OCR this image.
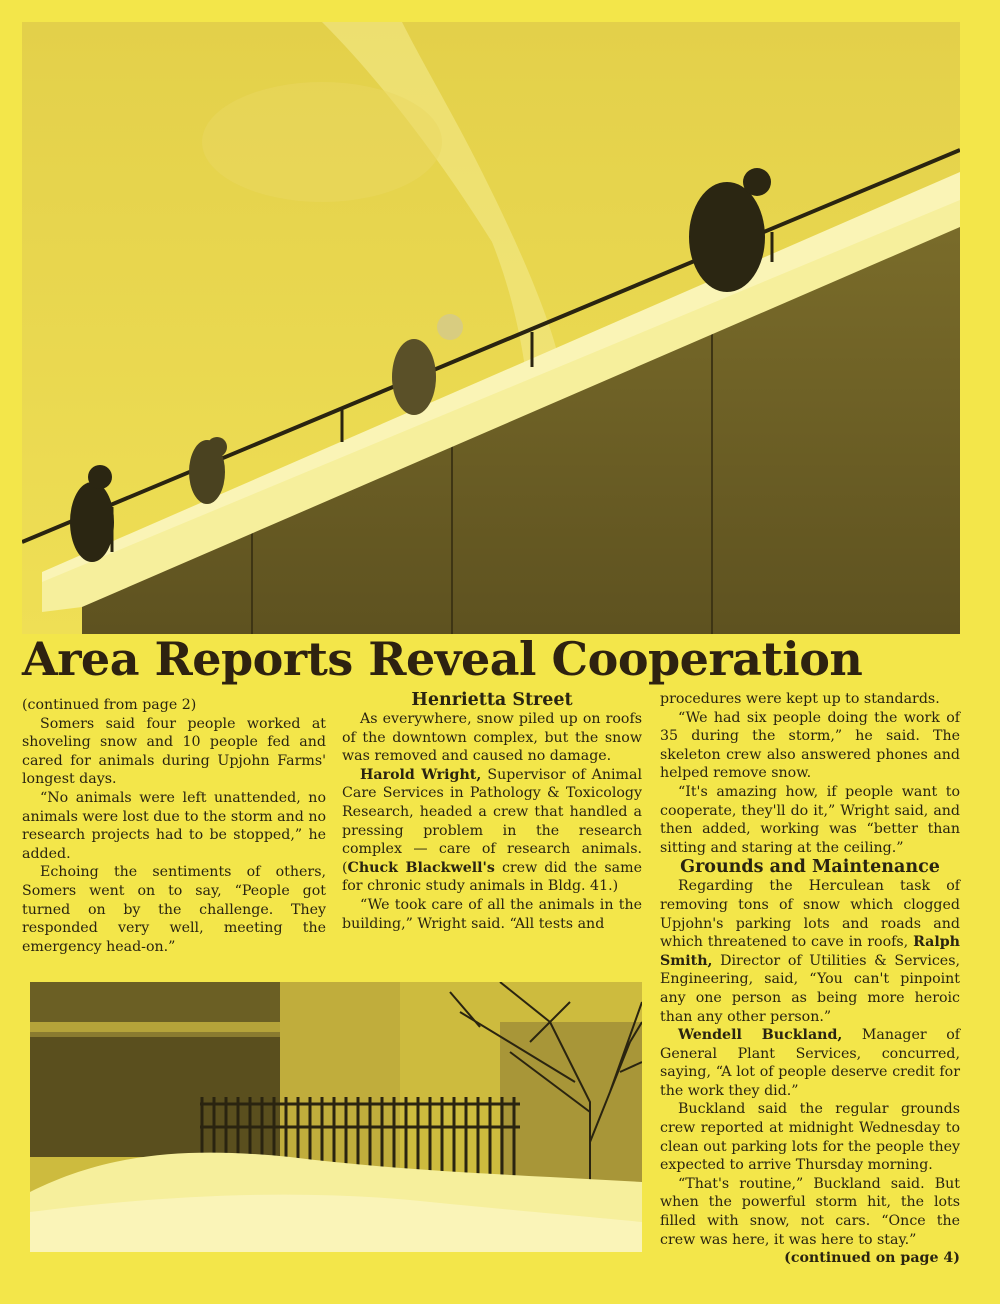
Area Reports Reveal Cooperation

(continued from page 2)

Somers said four people worked at shoveling snow and 10 people fed and cared for animals during Upjohn Farms' longest days.

“No animals were left unattended, no animals were lost due to the storm and no research projects had to be stopped,” he added.

Echoing the sentiments of others, Somers went on to say, “People got turned on by the challenge. They responded very well, meeting the emergency head-on.”

Henrietta Street

As everywhere, snow piled up on roofs of the downtown complex, but the snow was removed and caused no damage.

Harold Wright, Supervisor of Animal Care Services in Pathology & Toxicology Research, headed a crew that handled a pressing problem in the research complex — care of research animals. (Chuck Blackwell's crew did the same for chronic study animals in Bldg. 41.)

“We took care of all the animals in the building,” Wright said. “All tests and

procedures were kept up to standards.

“We had six people doing the work of 35 during the storm,” he said. The skeleton crew also answered phones and helped remove snow.

“It's amazing how, if people want to cooperate, they'll do it,” Wright said, and then added, working was “better than sitting and staring at the ceiling.”

Grounds and Maintenance

Regarding the Herculean task of removing tons of snow which clogged Upjohn's parking lots and roads and which threatened to cave in roofs, Ralph Smith, Director of Utilities & Services, Engineering, said, “You can't pinpoint any one person as being more heroic than any other person.”

Wendell Buckland, Manager of General Plant Services, concurred, saying, “A lot of people deserve credit for the work they did.”

Buckland said the regular grounds crew reported at midnight Wednesday to clean out parking lots for the people they expected to arrive Thursday morning.

“That's routine,” Buckland said. But when the powerful storm hit, the lots filled with snow, not cars. “Once the crew was here, it was here to stay.”

(continued on page 4)
